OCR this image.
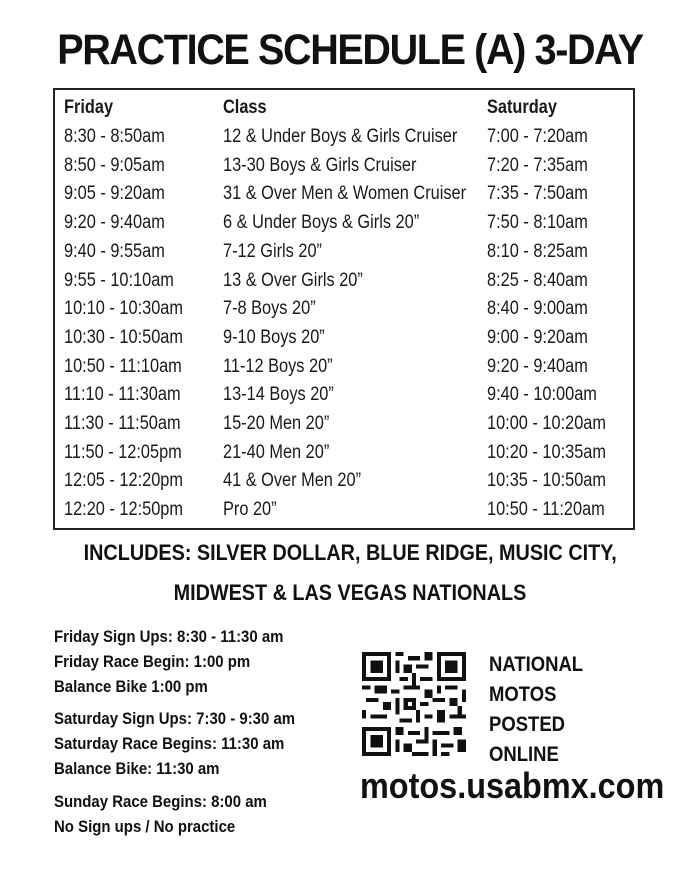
PRACTICE SCHEDULE (A) 3-DAY
Friday	Class	Saturday
8:30 - 8:50am	12 & Under Boys & Girls Cruiser	7:00 - 7:20am
8:50 - 9:05am	13-30 Boys & Girls Cruiser	7:20 - 7:35am
9:05 - 9:20am	31 & Over Men & Women Cruiser	7:35 - 7:50am
9:20 - 9:40am	6 & Under Boys & Girls 20”	7:50 - 8:10am
9:40 - 9:55am	7-12 Girls 20”	8:10 - 8:25am
9:55 - 10:10am	13 & Over Girls 20”	8:25 - 8:40am
10:10 - 10:30am	7-8 Boys 20”	8:40 - 9:00am
10:30 - 10:50am	9-10 Boys 20”	9:00 - 9:20am
10:50 - 11:10am	11-12 Boys 20”	9:20 - 9:40am
11:10 - 11:30am	13-14 Boys 20”	9:40 - 10:00am
11:30 - 11:50am	15-20 Men 20”	10:00 - 10:20am
11:50 - 12:05pm	21-40 Men 20”	10:20 - 10:35am
12:05 - 12:20pm	41 & Over Men 20”	10:35 - 10:50am
12:20 - 12:50pm	Pro 20”	10:50 - 11:20am
INCLUDES: SILVER DOLLAR, BLUE RIDGE, MUSIC CITY,
MIDWEST & LAS VEGAS NATIONALS
Friday Sign Ups: 8:30 - 11:30 am
Friday Race Begin: 1:00 pm
Balance Bike 1:00 pm
Saturday Sign Ups: 7:30 - 9:30 am
Saturday Race Begins: 11:30 am
Balance Bike: 11:30 am
Sunday Race Begins: 8:00 am
No Sign ups / No practice
NATIONAL
MOTOS
POSTED
ONLINE
motos.usabmx.com
